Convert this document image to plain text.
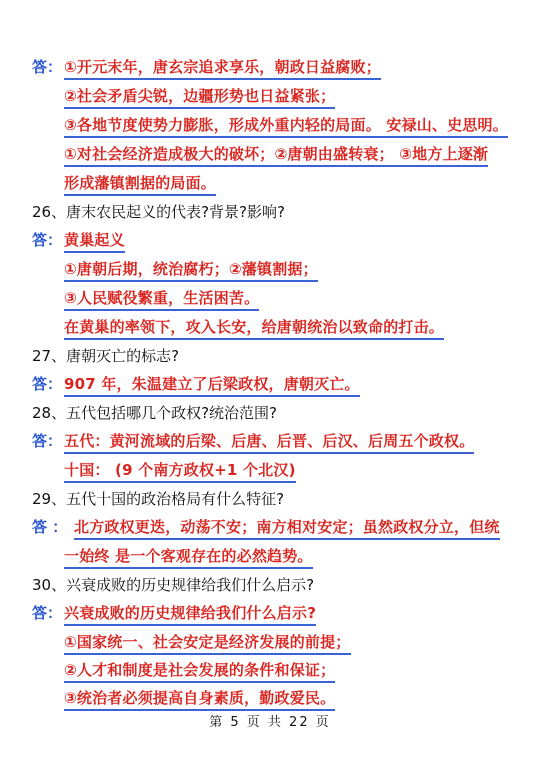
答： ①开元末年，唐玄宗追求享乐，朝政日益腐败；
②社会矛盾尖锐，边疆形势也日益紧张；
③各地节度使势力膨胀，形成外重内轻的局面。 安禄山、史思明。
①对社会经济造成极大的破坏；②唐朝由盛转衰； ③地方上逐渐
形成藩镇割据的局面。
26、唐末农民起义的代表?背景?影响?
答： 黄巢起义
①唐朝后期，统治腐朽；②藩镇割据；
③人民赋役繁重，生活困苦。
在黄巢的率领下，攻入长安，给唐朝统治以致命的打击。
27、唐朝灭亡的标志?
答： 907 年，朱温建立了后梁政权，唐朝灭亡。
28、五代包括哪几个政权?统治范围?
答： 五代：黄河流域的后梁、后唐、后晋、后汉、后周五个政权。
十国： (9 个南方政权+1 个北汉)
29、五代十国的政治格局有什么特征?
答 ： 北方政权更迭，动荡不安；南方相对安定；虽然政权分立，但统
一始终 是一个客观存在的必然趋势。
30、兴衰成败的历史规律给我们什么启示?
答： 兴衰成败的历史规律给我们什么启示?
①国家统一、社会安定是经济发展的前提；
②人才和制度是社会发展的条件和保证；
③统治者必须提高自身素质，勤政爱民。
第 5 页 共 22 页
